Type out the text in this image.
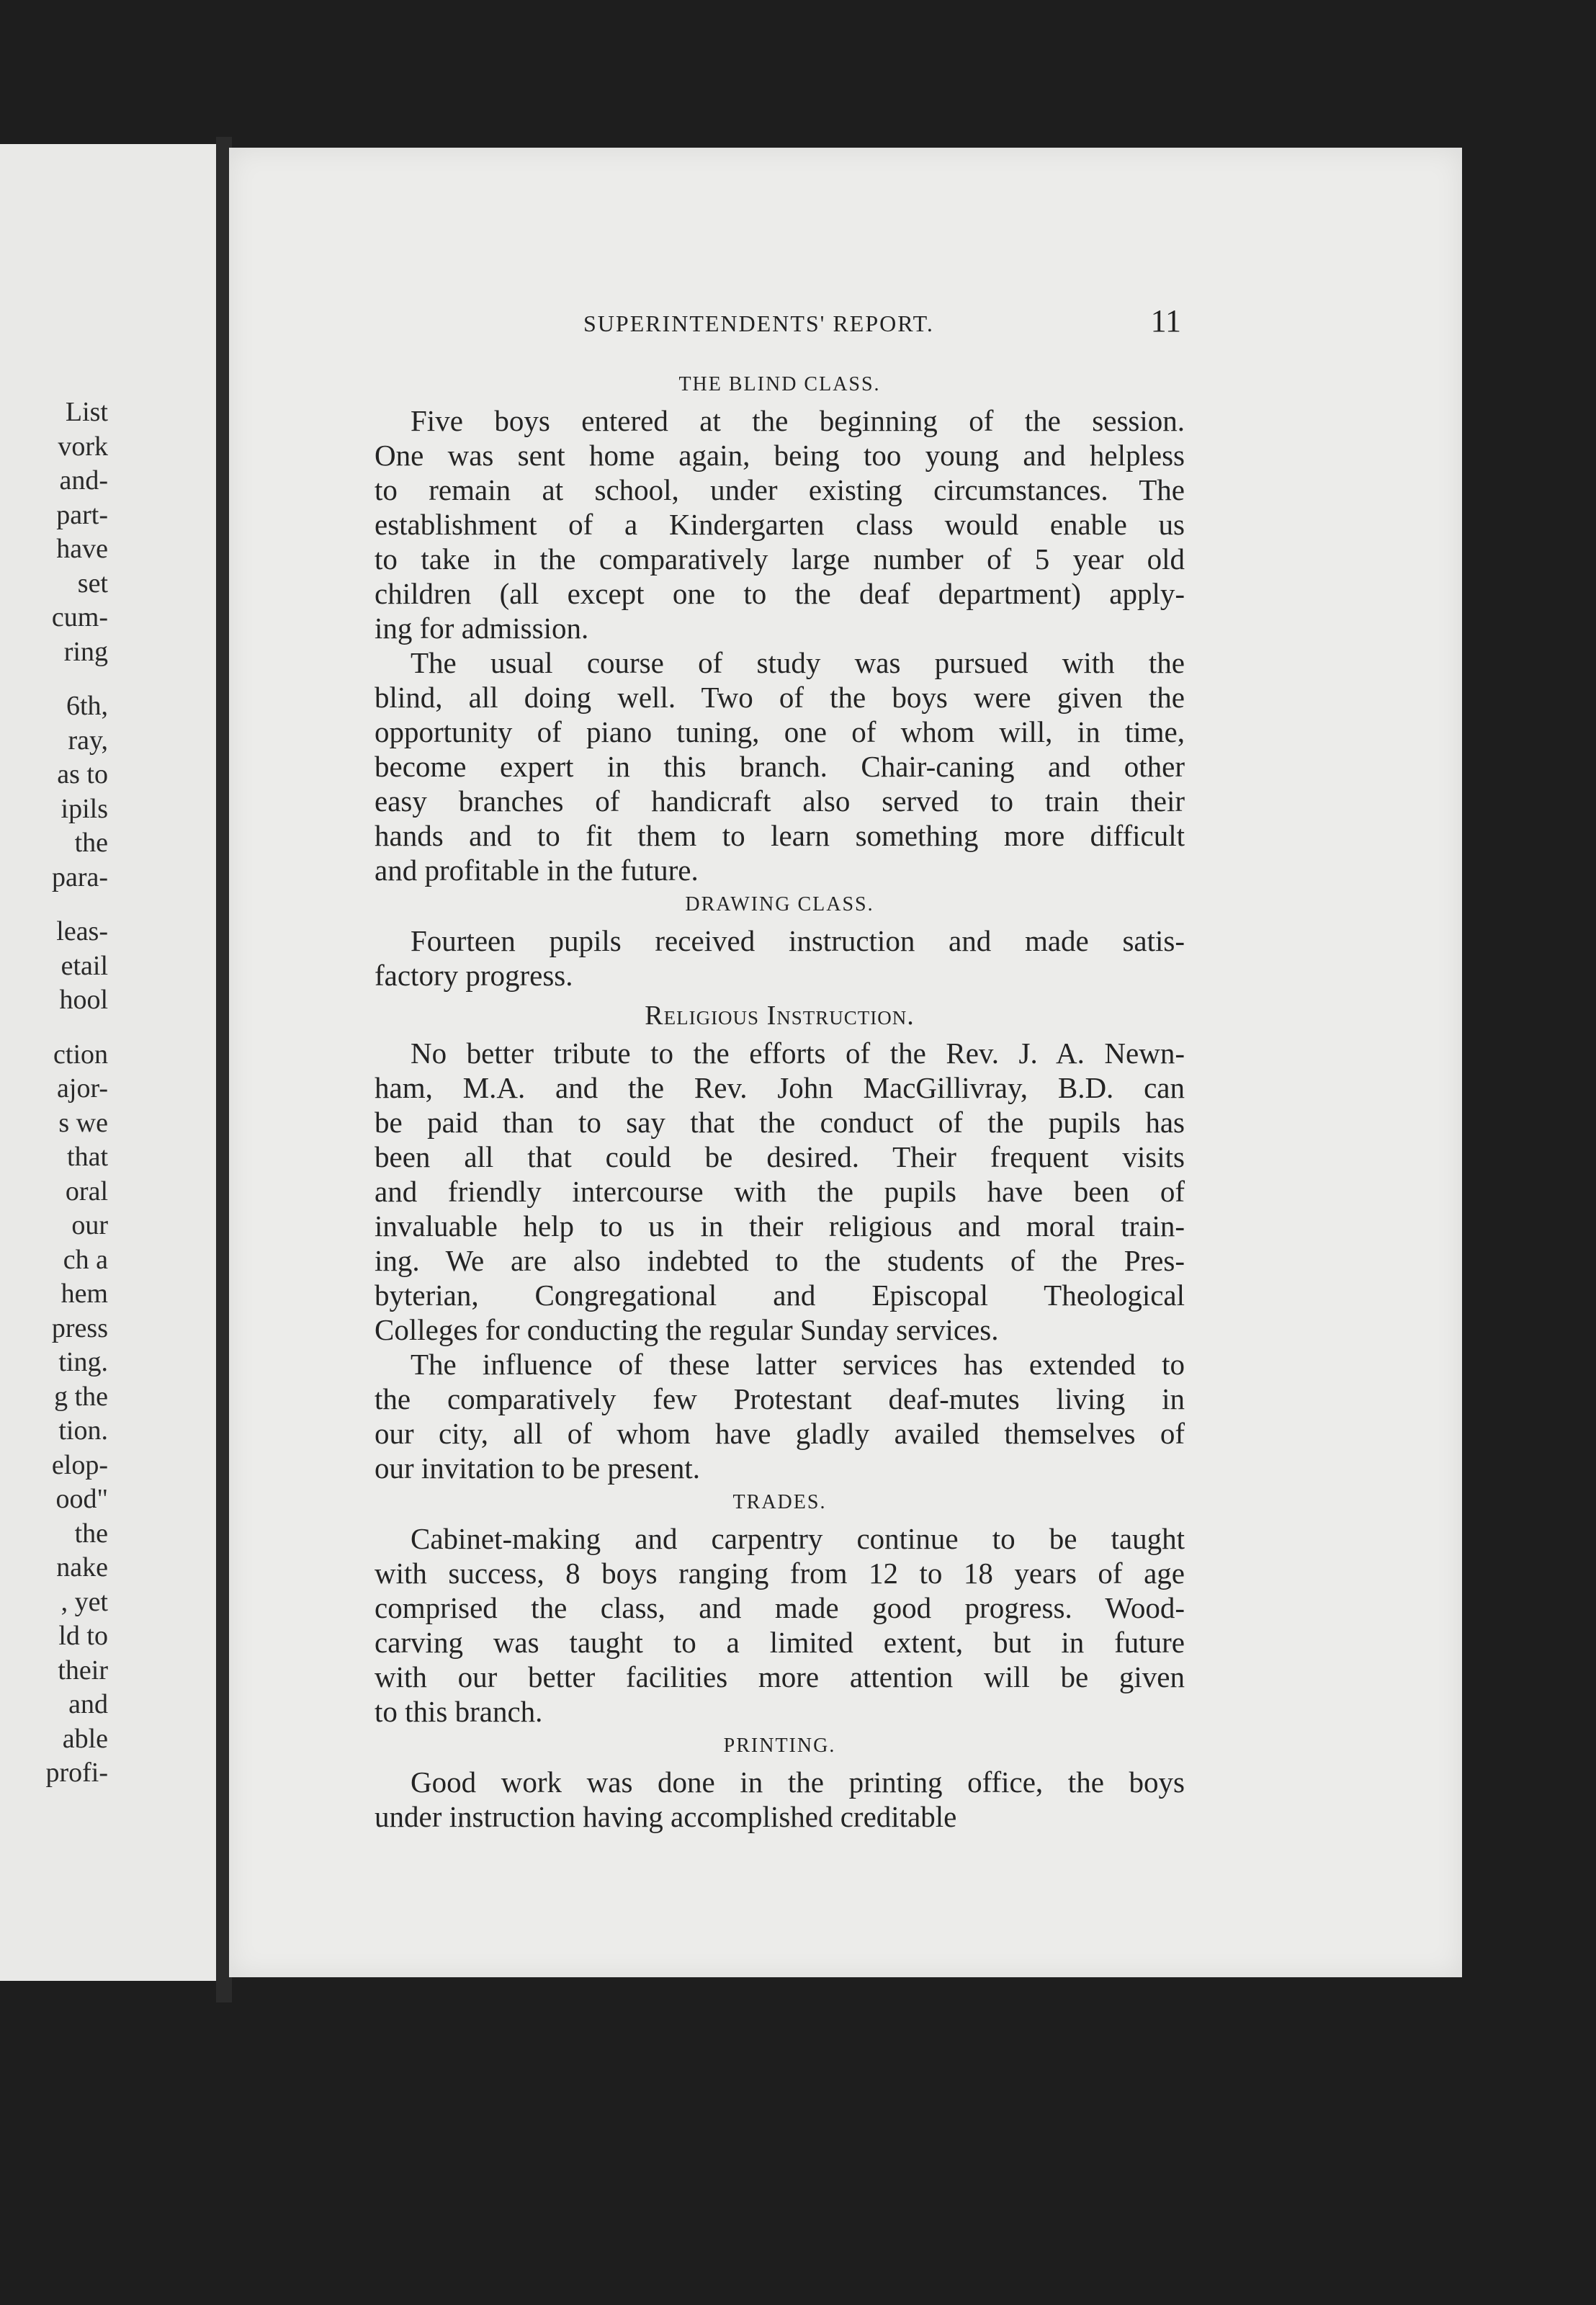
List
vork
and-
part-
have
set
cum-
ring
6th,
ray,
as to
ipils
the
para-
leas-
etail
hool
ction
ajor-
s we
that
oral
our
ch a
hem
press
ting.
g the
tion.
elop-
ood"
the
nake
, yet
ld to
their
and
able
profi-
SUPERINTENDENTS' REPORT.	11
THE BLIND CLASS.

Five boys entered at the beginning of the session.
One was sent home again, being too young and helpless
to remain at school, under existing circumstances. The
establishment of a Kindergarten class would enable us
to take in the comparatively large number of 5 year old
children (all except one to the deaf department) apply-
ing for admission.

The usual course of study was pursued with the
blind, all doing well. Two of the boys were given the
opportunity of piano tuning, one of whom will, in time,
become expert in this branch. Chair-caning and other
easy branches of handicraft also served to train their
hands and to fit them to learn something more difficult
and profitable in the future.

DRAWING CLASS.

Fourteen pupils received instruction and made satis-
factory progress.

Religious Instruction.

No better tribute to the efforts of the Rev. J. A. Newn-
ham, M.A. and the Rev. John MacGillivray, B.D. can
be paid than to say that the conduct of the pupils has
been all that could be desired. Their frequent visits
and friendly intercourse with the pupils have been of
invaluable help to us in their religious and moral train-
ing. We are also indebted to the students of the Pres-
byterian, Congregational and Episcopal Theological
Colleges for conducting the regular Sunday services.

The influence of these latter services has extended to
the comparatively few Protestant deaf-mutes living in
our city, all of whom have gladly availed themselves of
our invitation to be present.

TRADES.

Cabinet-making and carpentry continue to be taught
with success, 8 boys ranging from 12 to 18 years of age
comprised the class, and made good progress. Wood-
carving was taught to a limited extent, but in future
with our better facilities more attention will be given
to this branch.

PRINTING.

Good work was done in the printing office, the boys
under instruction having accomplished creditable
